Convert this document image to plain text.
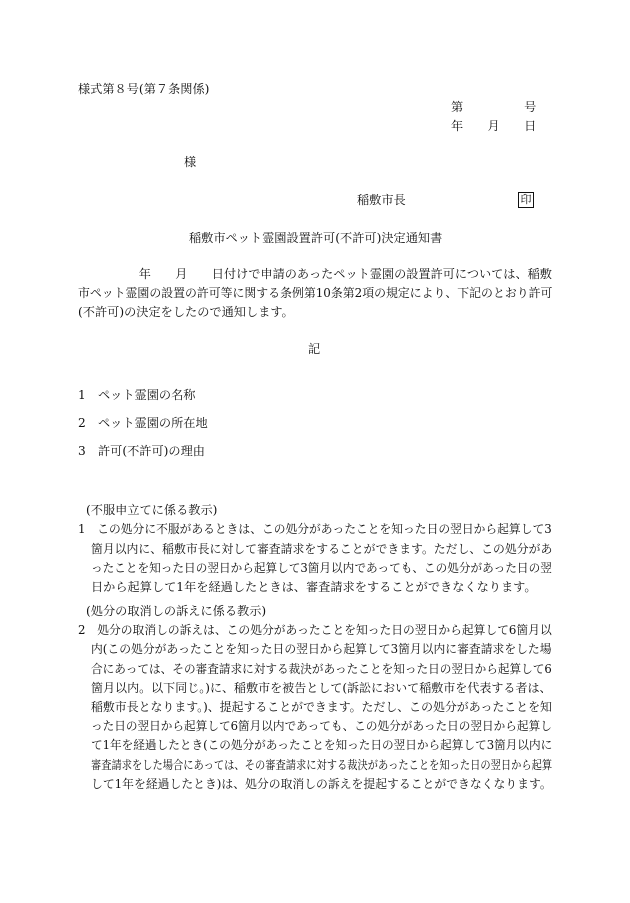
様式第８号(第７条関係)
第　　　　　号
年　　月　　日
様
稲敷市長	印
稲敷市ペット霊園設置許可(不許可)決定通知書
　　　　　年　　月　　日付けで申請のあったペット霊園の設置許可については、稲敷
市ペット霊園の設置の許可等に関する条例第10条第2項の規定により、下記のとおり許可
(不許可)の決定をしたので通知します。
記
1　ペット霊園の名称
2　ペット霊園の所在地
3　許可(不許可)の理由
(不服申立てに係る教示)
1　この処分に不服があるときは、この処分があったことを知った日の翌日から起算して3
箇月以内に、稲敷市長に対して審査請求をすることができます。ただし、この処分があ
ったことを知った日の翌日から起算して3箇月以内であっても、この処分があった日の翌
日から起算して1年を経過したときは、審査請求をすることができなくなります。
(処分の取消しの訴えに係る教示)
2　処分の取消しの訴えは、この処分があったことを知った日の翌日から起算して6箇月以
内(この処分があったことを知った日の翌日から起算して3箇月以内に審査請求をした場
合にあっては、その審査請求に対する裁決があったことを知った日の翌日から起算して6
箇月以内。以下同じ。)に、稲敷市を被告として(訴訟において稲敷市を代表する者は、
稲敷市長となります。)、提起することができます。ただし、この処分があったことを知
った日の翌日から起算して6箇月以内であっても、この処分があった日の翌日から起算し
て1年を経過したとき(この処分があったことを知った日の翌日から起算して3箇月以内に
審査請求をした場合にあっては、その審査請求に対する裁決があったことを知った日の翌日から起算
して1年を経過したとき)は、処分の取消しの訴えを提起することができなくなります。
